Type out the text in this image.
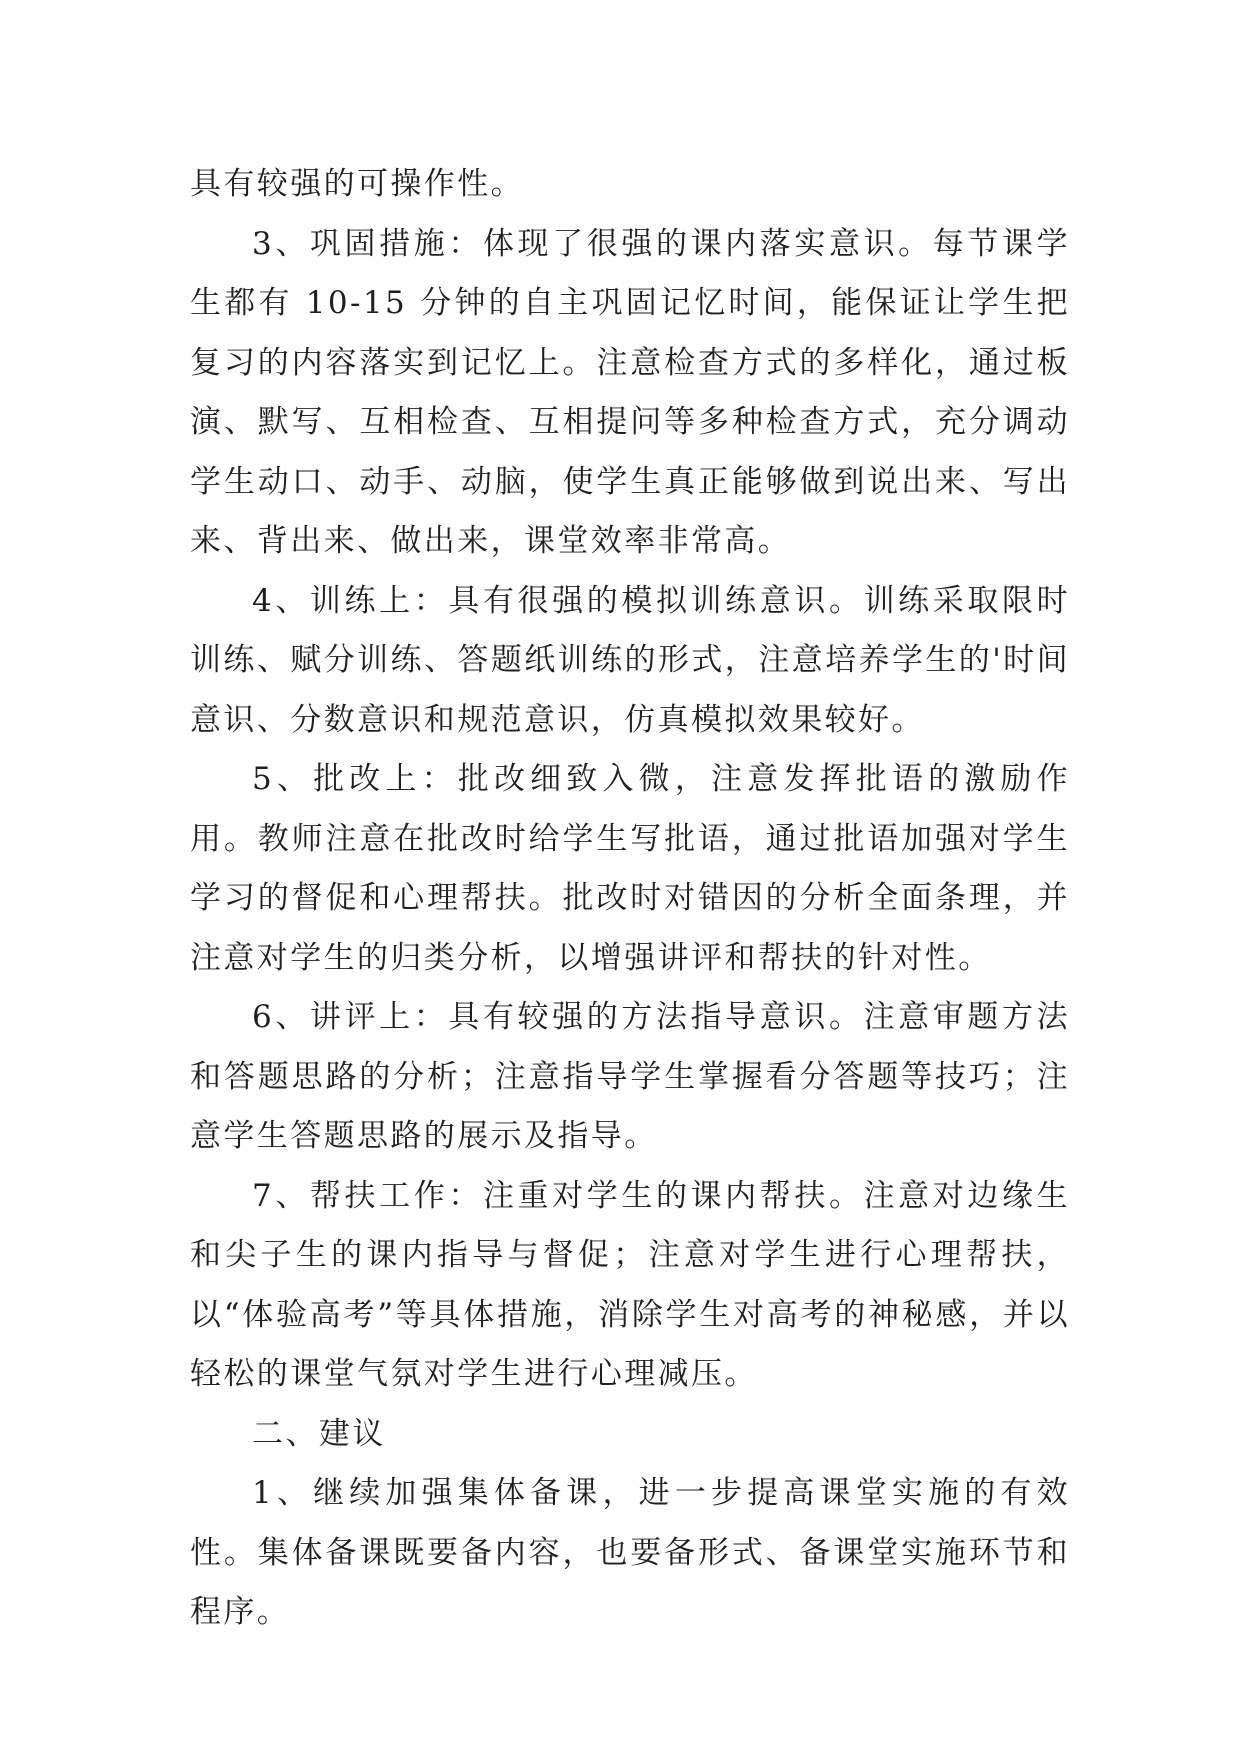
具有较强的可操作性。

3、巩固措施：体现了很强的课内落实意识。每节课学生都有 10-15 分钟的自主巩固记忆时间，能保证让学生把复习的内容落实到记忆上。注意检查方式的多样化，通过板演、默写、互相检查、互相提问等多种检查方式，充分调动学生动口、动手、动脑，使学生真正能够做到说出来、写出来、背出来、做出来，课堂效率非常高。

4、训练上：具有很强的模拟训练意识。训练采取限时训练、赋分训练、答题纸训练的形式，注意培养学生的'时间意识、分数意识和规范意识，仿真模拟效果较好。

5、批改上：批改细致入微，注意发挥批语的激励作用。教师注意在批改时给学生写批语，通过批语加强对学生学习的督促和心理帮扶。批改时对错因的分析全面条理，并注意对学生的归类分析，以增强讲评和帮扶的针对性。

6、讲评上：具有较强的方法指导意识。注意审题方法和答题思路的分析；注意指导学生掌握看分答题等技巧；注意学生答题思路的展示及指导。

7、帮扶工作：注重对学生的课内帮扶。注意对边缘生和尖子生的课内指导与督促；注意对学生进行心理帮扶，以“体验高考”等具体措施，消除学生对高考的神秘感，并以轻松的课堂气氛对学生进行心理减压。

二、建议

1、继续加强集体备课，进一步提高课堂实施的有效性。集体备课既要备内容，也要备形式、备课堂实施环节和程序。
